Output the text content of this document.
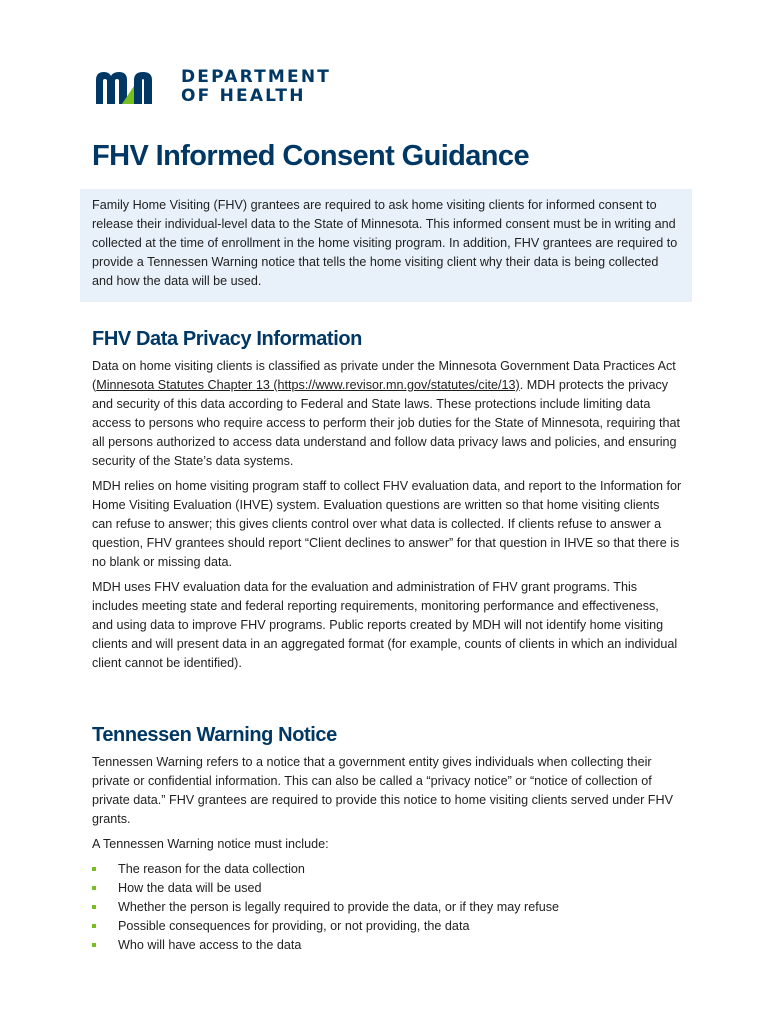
DEPARTMENT
OF HEALTH
FHV Informed Consent Guidance

Family Home Visiting (FHV) grantees are required to ask home visiting clients for informed consent to release their individual-level data to the State of Minnesota. This informed consent must be in writing and collected at the time of enrollment in the home visiting program. In addition, FHV grantees are required to provide a Tennessen Warning notice that tells the home visiting client why their data is being collected and how the data will be used.

FHV Data Privacy Information

Data on home visiting clients is classified as private under the Minnesota Government Data Practices Act (Minnesota Statutes Chapter 13 (https://www.revisor.mn.gov/statutes/cite/13). MDH protects the privacy and security of this data according to Federal and State laws. These protections include limiting data access to persons who require access to perform their job duties for the State of Minnesota, requiring that all persons authorized to access data understand and follow data privacy laws and policies, and ensuring security of the State’s data systems.

MDH relies on home visiting program staff to collect FHV evaluation data, and report to the Information for Home Visiting Evaluation (IHVE) system. Evaluation questions are written so that home visiting clients can refuse to answer; this gives clients control over what data is collected. If clients refuse to answer a question, FHV grantees should report “Client declines to answer” for that question in IHVE so that there is no blank or missing data.

MDH uses FHV evaluation data for the evaluation and administration of FHV grant programs. This includes meeting state and federal reporting requirements, monitoring performance and effectiveness, and using data to improve FHV programs. Public reports created by MDH will not identify home visiting clients and will present data in an aggregated format (for example, counts of clients in which an individual client cannot be identified).

Tennessen Warning Notice

Tennessen Warning refers to a notice that a government entity gives individuals when collecting their private or confidential information. This can also be called a “privacy notice” or “notice of collection of private data.” FHV grantees are required to provide this notice to home visiting clients served under FHV grants.

A Tennessen Warning notice must include:

The reason for the data collection
How the data will be used
Whether the person is legally required to provide the data, or if they may refuse
Possible consequences for providing, or not providing, the data
Who will have access to the data
